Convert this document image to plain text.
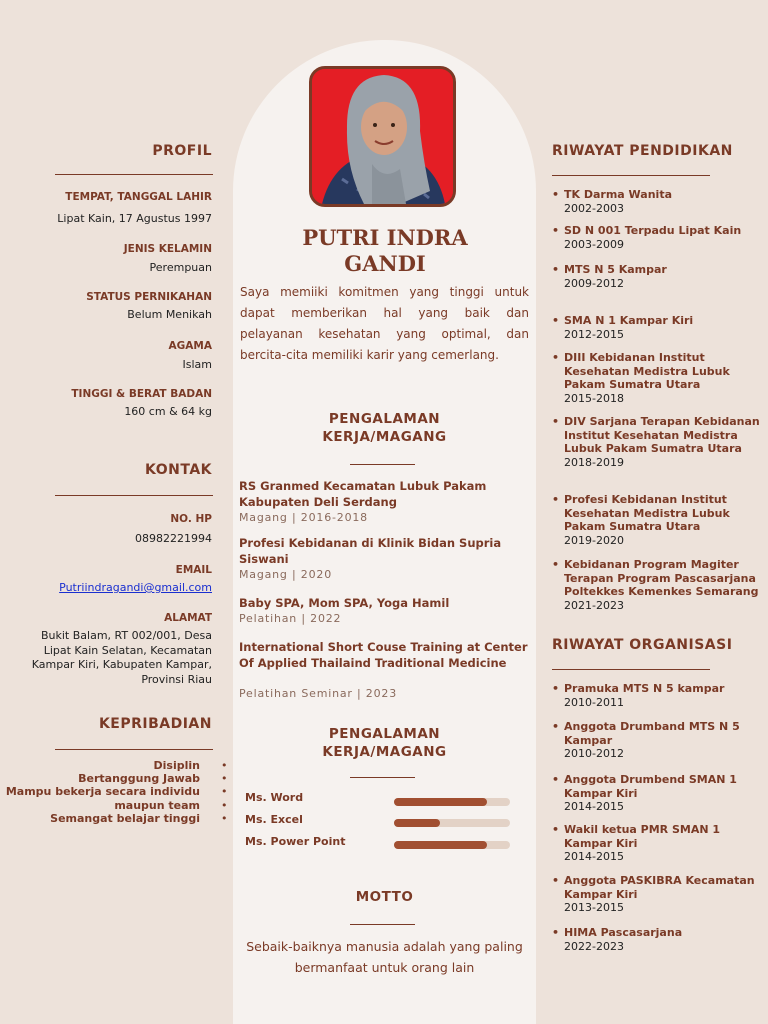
PROFIL
TEMPAT, TANGGAL LAHIR
Lipat Kain, 17 Agustus 1997
JENIS KELAMIN
Perempuan
STATUS PERNIKAHAN
Belum Menikah
AGAMA
Islam
TINGGI & BERAT BADAN
160 cm & 64 kg
KONTAK
NO. HP
08982221994
EMAIL
Putriindragandi@gmail.com
ALAMAT
Bukit Balam, RT 002/001, Desa
Lipat Kain Selatan, Kecamatan
Kampar Kiri, Kabupaten Kampar,
Provinsi Riau
KEPRIBADIAN
Disiplin
Bertanggung Jawab
Mampu bekerja secara individu
maupun team
Semangat belajar tinggi
•
•
•
•
•
PUTRI INDRA
GANDI
Saya memiiki komitmen yang tinggi untuk dapat memberikan hal yang baik dan pelayanan kesehatan yang optimal, dan bercita-cita memiliki karir yang cemerlang.
PENGALAMAN
KERJA/MAGANG
RS Granmed Kecamatan Lubuk Pakam Kabupaten Deli Serdang
Magang | 2016-2018
Profesi Kebidanan di Klinik Bidan Supria Siswani
Magang | 2020
Baby SPA, Mom SPA, Yoga Hamil
Pelatihan | 2022
International Short Couse Training at Center Of Applied Thailaind Traditional Medicine
Pelatihan Seminar | 2023
PENGALAMAN
KERJA/MAGANG
Ms. Word
Ms. Excel
Ms. Power Point
MOTTO
Sebaik-baiknya manusia adalah yang paling bermanfaat untuk orang lain
RIWAYAT PENDIDIKAN
• TK Darma Wanita
2002-2003
• SD N 001 Terpadu Lipat Kain
2003-2009
• MTS N 5 Kampar
2009-2012
• SMA N 1 Kampar Kiri
2012-2015
• DIII Kebidanan Institut Kesehatan Medistra Lubuk Pakam Sumatra Utara
2015-2018
• DIV Sarjana Terapan Kebidanan Institut Kesehatan Medistra Lubuk Pakam Sumatra Utara
2018-2019
• Profesi Kebidanan Institut Kesehatan Medistra Lubuk Pakam Sumatra Utara
2019-2020
• Kebidanan Program Magiter Terapan Program Pascasarjana Poltekkes Kemenkes Semarang
2021-2023
RIWAYAT ORGANISASI
• Pramuka MTS N 5 kampar
2010-2011
• Anggota Drumband MTS N 5 Kampar
2010-2012
• Anggota Drumbend SMAN 1 Kampar Kiri
2014-2015
• Wakil ketua PMR SMAN 1 Kampar Kiri
2014-2015
• Anggota PASKIBRA Kecamatan Kampar Kiri
2013-2015
• HIMA Pascasarjana
2022-2023
